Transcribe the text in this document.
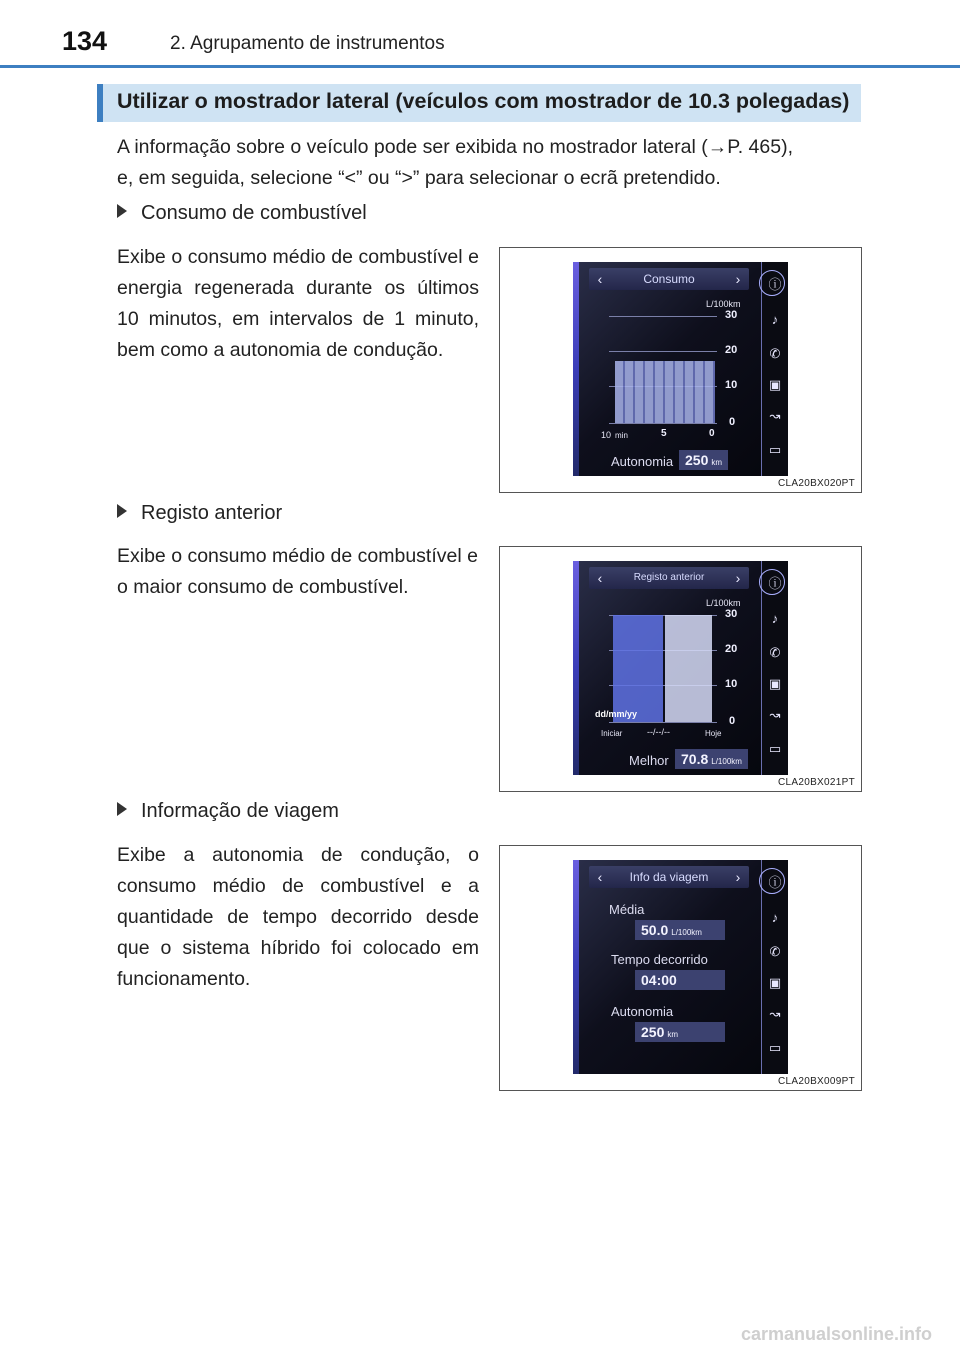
134	2. Agrupamento de instrumentos
Utilizar o mostrador lateral (veículos com mostrador de 10.3 polegadas)
A informação sobre o veículo pode ser exibida no mostrador lateral (→P. 465),
e, em seguida, selecione “<” ou “>” para selecionar o ecrã pretendido.
Consumo de combustível
Exibe o consumo médio de combustível e energia regenerada durante os últimos 10 minutos, em intervalos de 1 minuto, bem como a autonomia de condução.
‹	Consumo	›
L/100km
30
20
10
0
10 min	5	0
Autonomia 250 km
ⓘ
♪
✆
▣
↝
▭
CLA20BX020PT
Registo anterior
Exibe o consumo médio de combustível e o maior consumo de combustível.	‹	Registo anterior	›
L/100km
30
20
10
0
dd/mm/yy
Iniciar	--/--/--	Hoje
Melhor 70.8 L/100km
ⓘ
♪
✆
▣
↝
▭
CLA20BX021PT
Informação de viagem
Exibe a autonomia de condução, o consumo médio de combustível e a quantidade de tempo decorrido desde que o sistema híbrido foi colocado em funcionamento.
‹	Info da viagem	›
Média
50.0 L/100km
Tempo decorrido
04:00
Autonomia
250 km
ⓘ
♪
✆
▣
↝
▭
CLA20BX009PT
carmanualsonline.info
